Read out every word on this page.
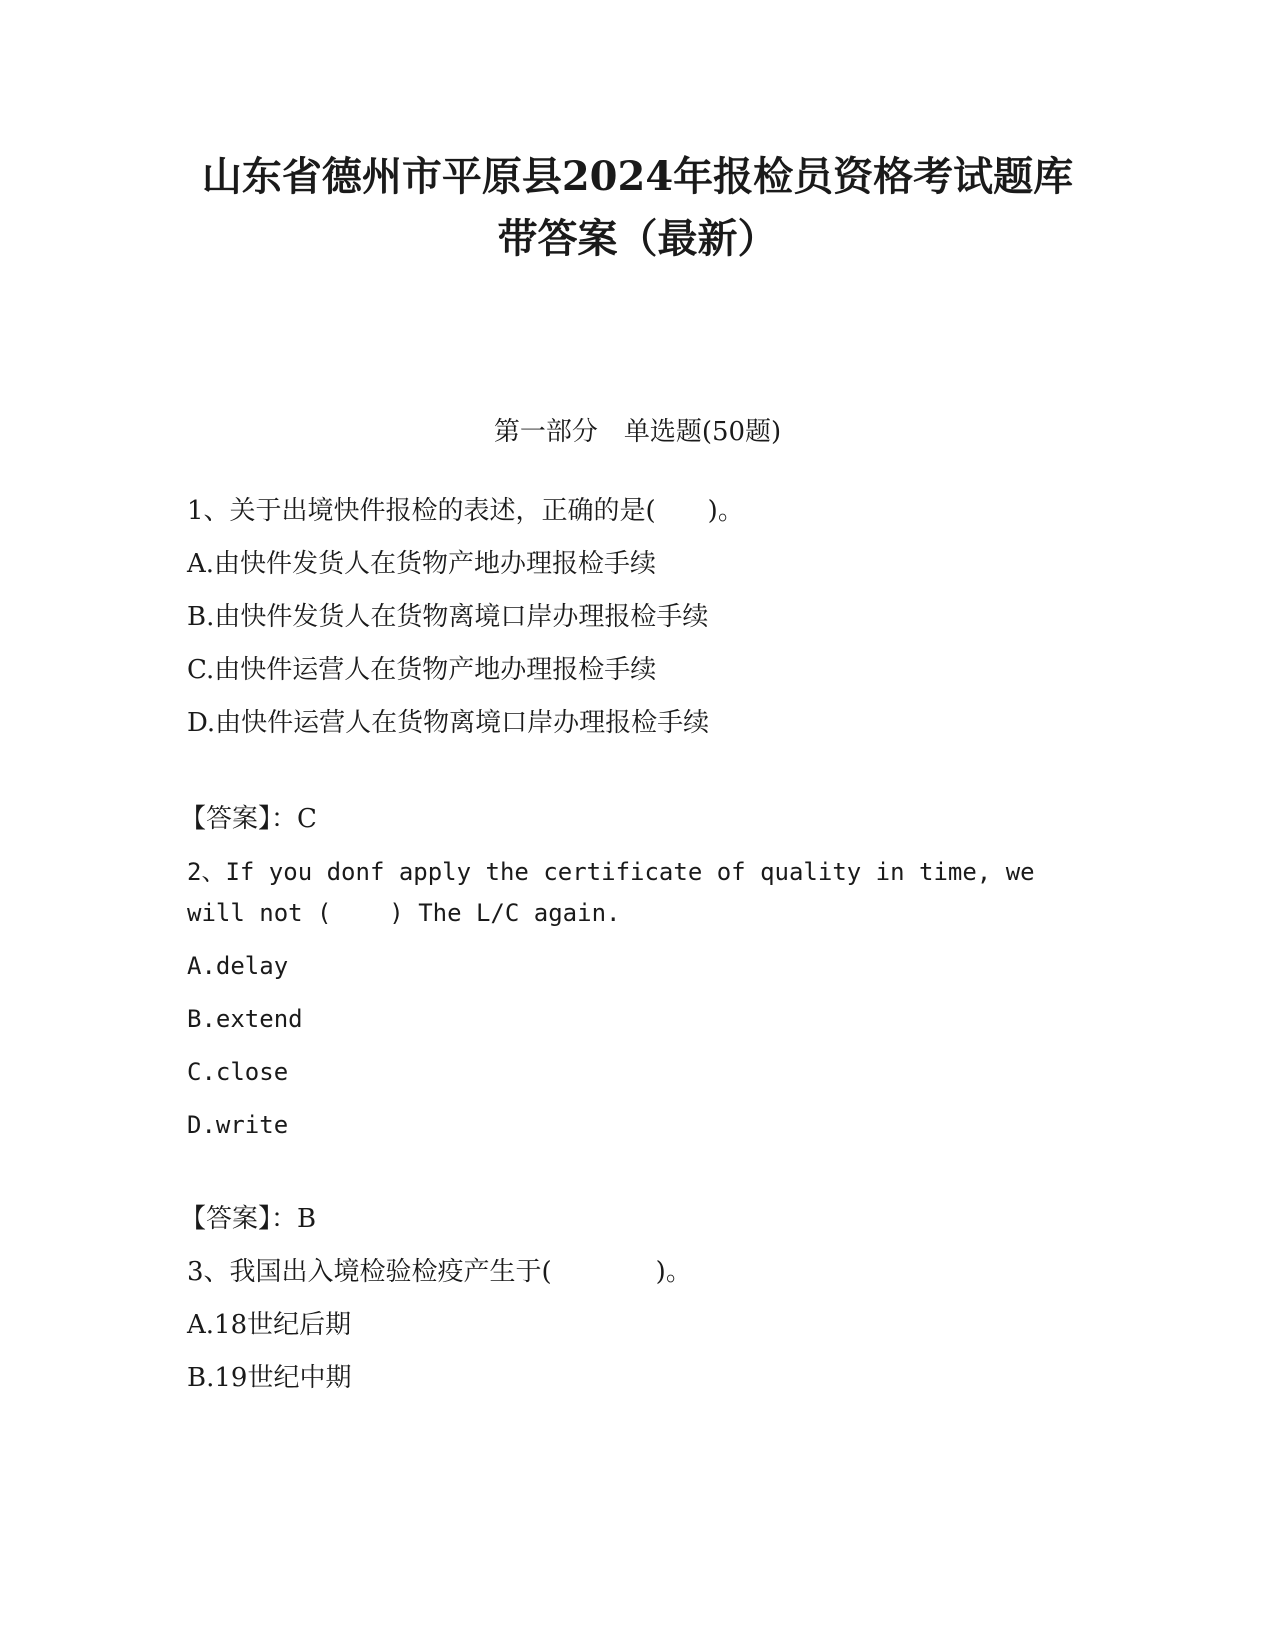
山东省德州市平原县2024年报检员资格考试题库
带答案（最新）
第一部分　单选题(50题)
1、关于出境快件报检的表述，正确的是(　　)。
A.由快件发货人在货物产地办理报检手续
B.由快件发货人在货物离境口岸办理报检手续
C.由快件运营人在货物产地办理报检手续
D.由快件运营人在货物离境口岸办理报检手续
【答案】：C
2、If you donf apply the certificate of quality in time, we
will not (    ) The L/C again.
A.delay
B.extend
C.close
D.write
【答案】：B
3、我国出入境检验检疫产生于(　　　　)。
A.18世纪后期
B.19世纪中期
